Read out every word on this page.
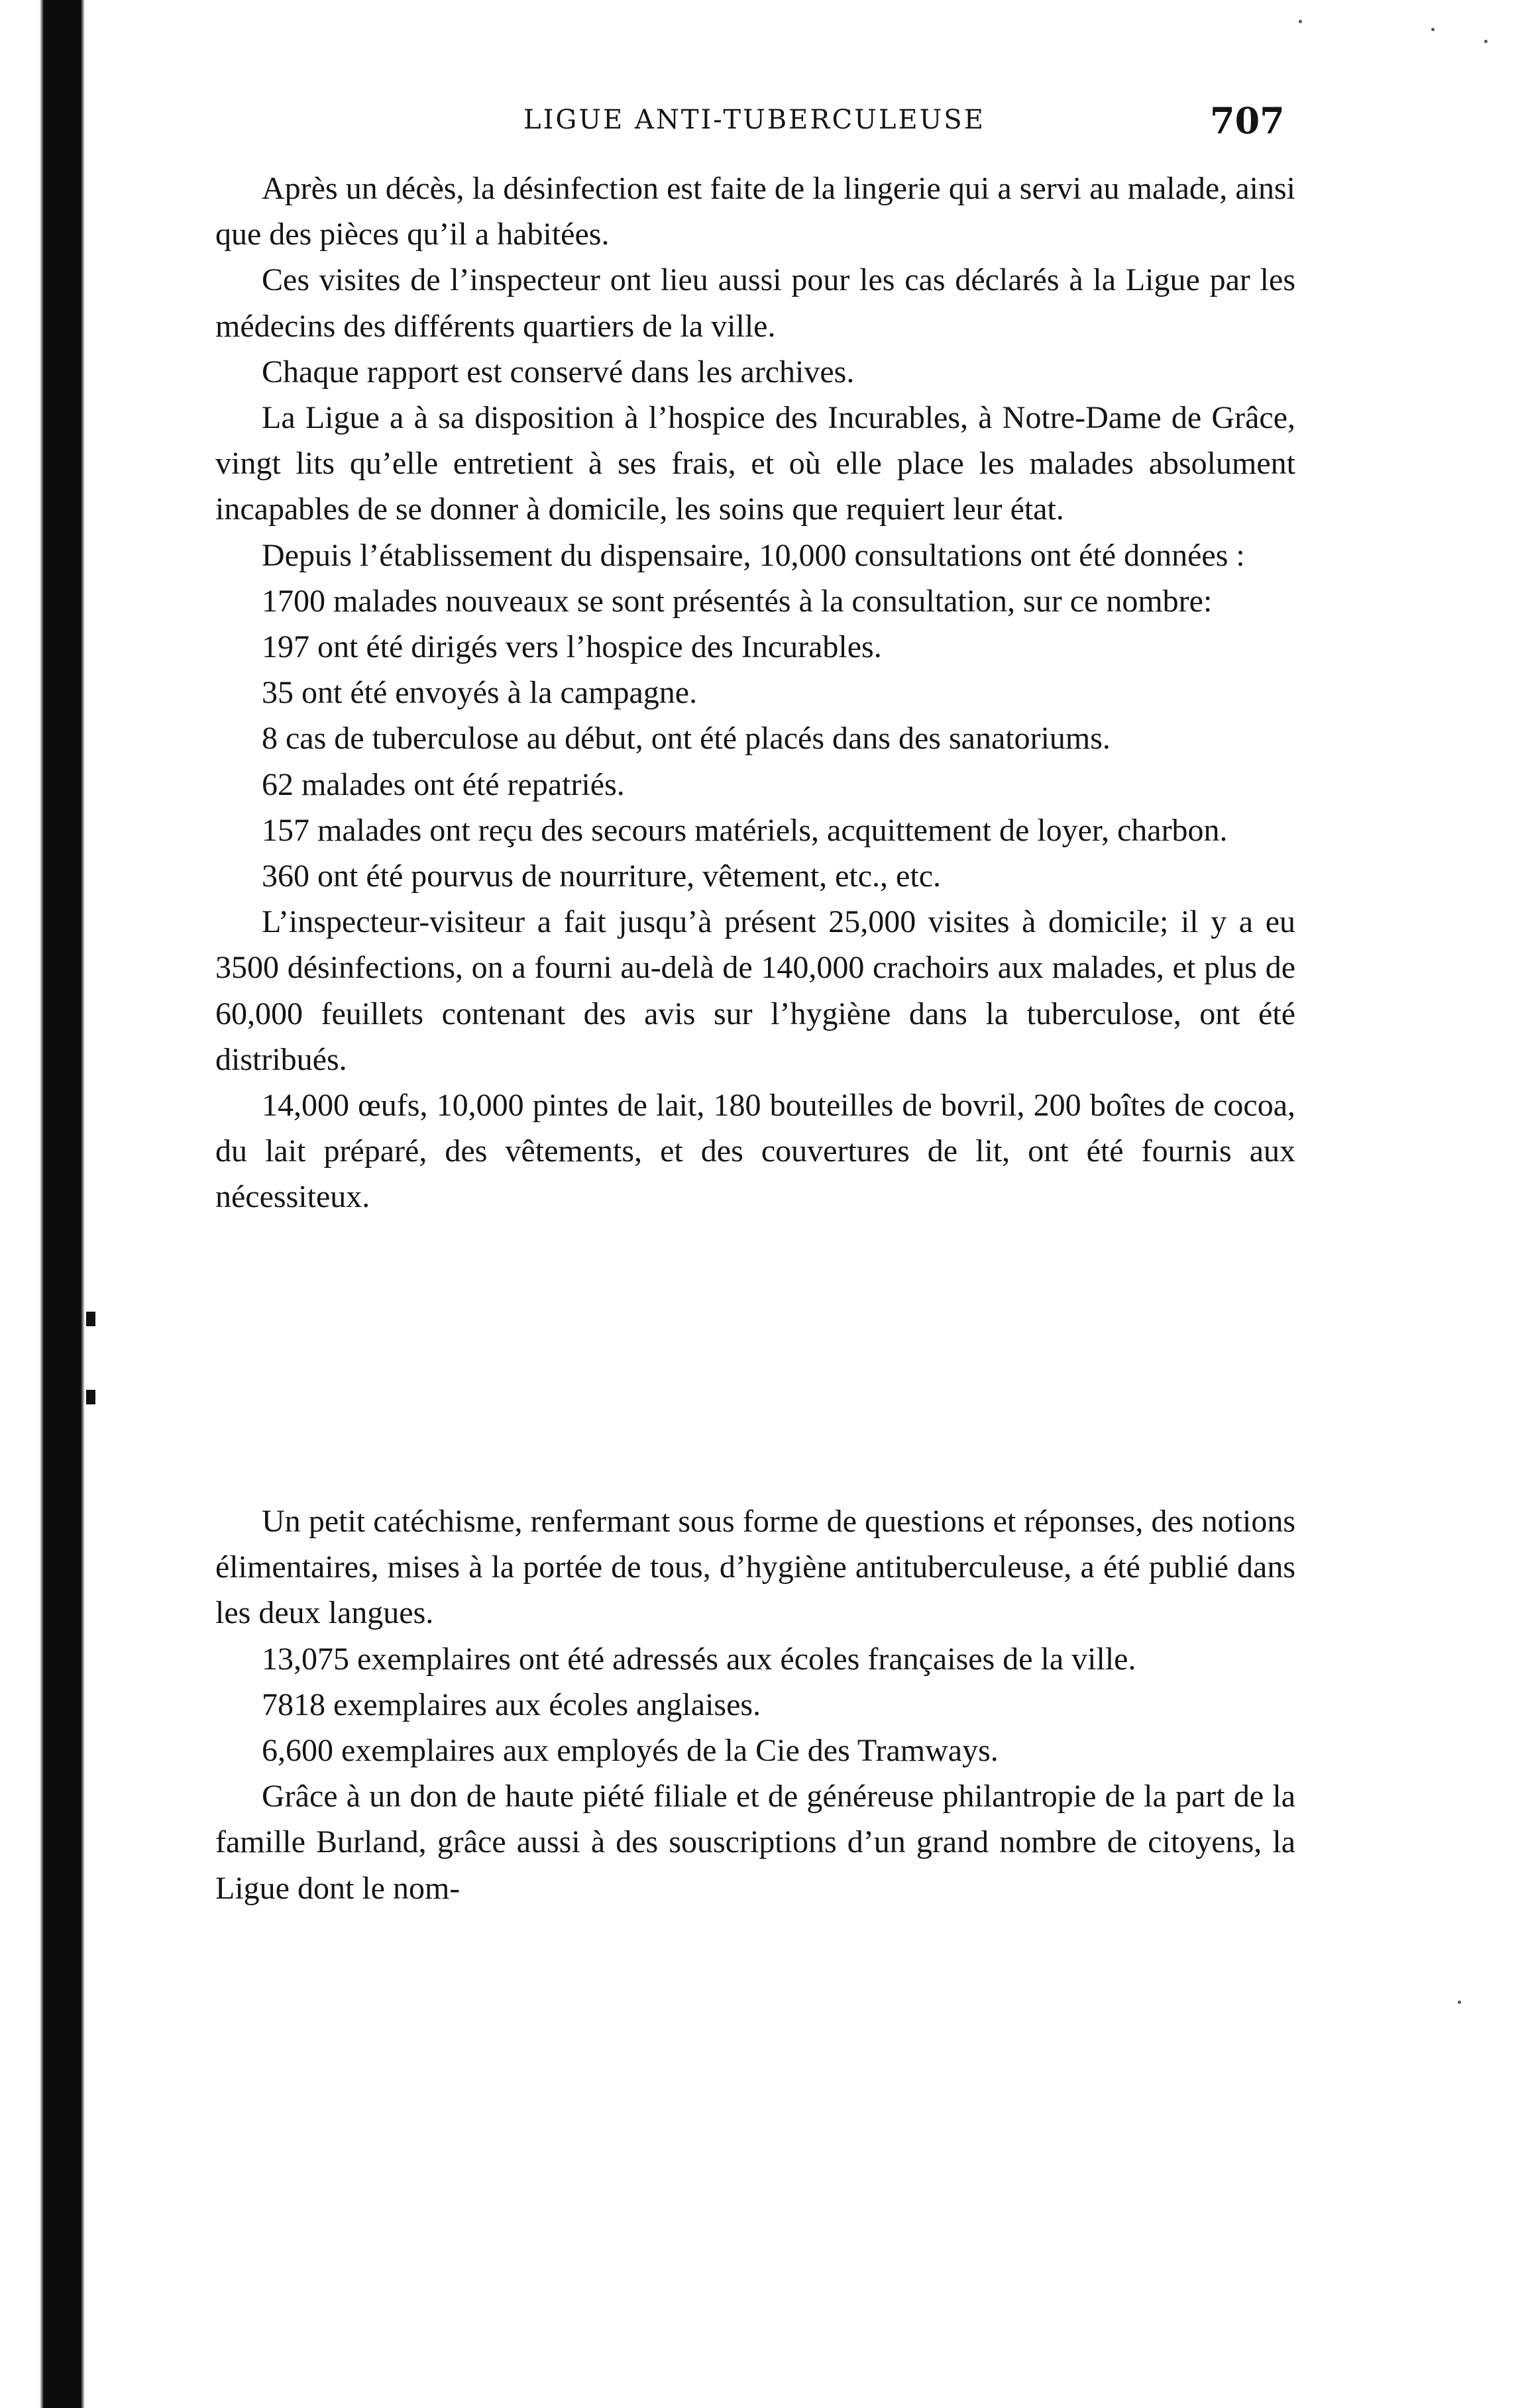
LIGUE ANTI-TUBERCULEUSE	707

Après un décès, la désinfection est faite de la lingerie qui a servi au malade, ainsi que des pièces qu’il a habitées.

Ces visites de l’inspecteur ont lieu aussi pour les cas déclarés à la Ligue par les médecins des différents quartiers de la ville.

Chaque rapport est conservé dans les archives.

La Ligue a à sa disposition à l’hospice des Incurables, à Notre-Dame de Grâce, vingt lits qu’elle entretient à ses frais, et où elle place les malades absolument incapables de se donner à domicile, les soins que requiert leur état.

Depuis l’établissement du dispensaire, 10,000 consultations ont été données :

1700 malades nouveaux se sont présentés à la consultation, sur ce nombre:

197 ont été dirigés vers l’hospice des Incurables.

35 ont été envoyés à la campagne.

8 cas de tuberculose au début, ont été placés dans des sanatoriums.

62 malades ont été repatriés.

157 malades ont reçu des secours matériels, acquittement de loyer, charbon.

360 ont été pourvus de nourriture, vêtement, etc., etc.

L’inspecteur-visiteur a fait jusqu’à présent 25,000 visites à domicile; il y a eu 3500 désinfections, on a fourni au-delà de 140,000 crachoirs aux malades, et plus de 60,000 feuillets contenant des avis sur l’hygiène dans la tuberculose, ont été distribués.

14,000 œufs, 10,000 pintes de lait, 180 bouteilles de bovril, 200 boîtes de cocoa, du lait préparé, des vêtements, et des couvertures de lit, ont été fournis aux nécessiteux.

Un petit catéchisme, renfermant sous forme de questions et réponses, des notions élimentaires, mises à la portée de tous, d’hygiène antituberculeuse, a été publié dans les deux langues.

13,075 exemplaires ont été adressés aux écoles françaises de la ville.

7818 exemplaires aux écoles anglaises.

6,600 exemplaires aux employés de la Cie des Tramways.

Grâce à un don de haute piété filiale et de généreuse philantropie de la part de la famille Burland, grâce aussi à des souscriptions d’un grand nombre de citoyens, la Ligue dont le nom-
